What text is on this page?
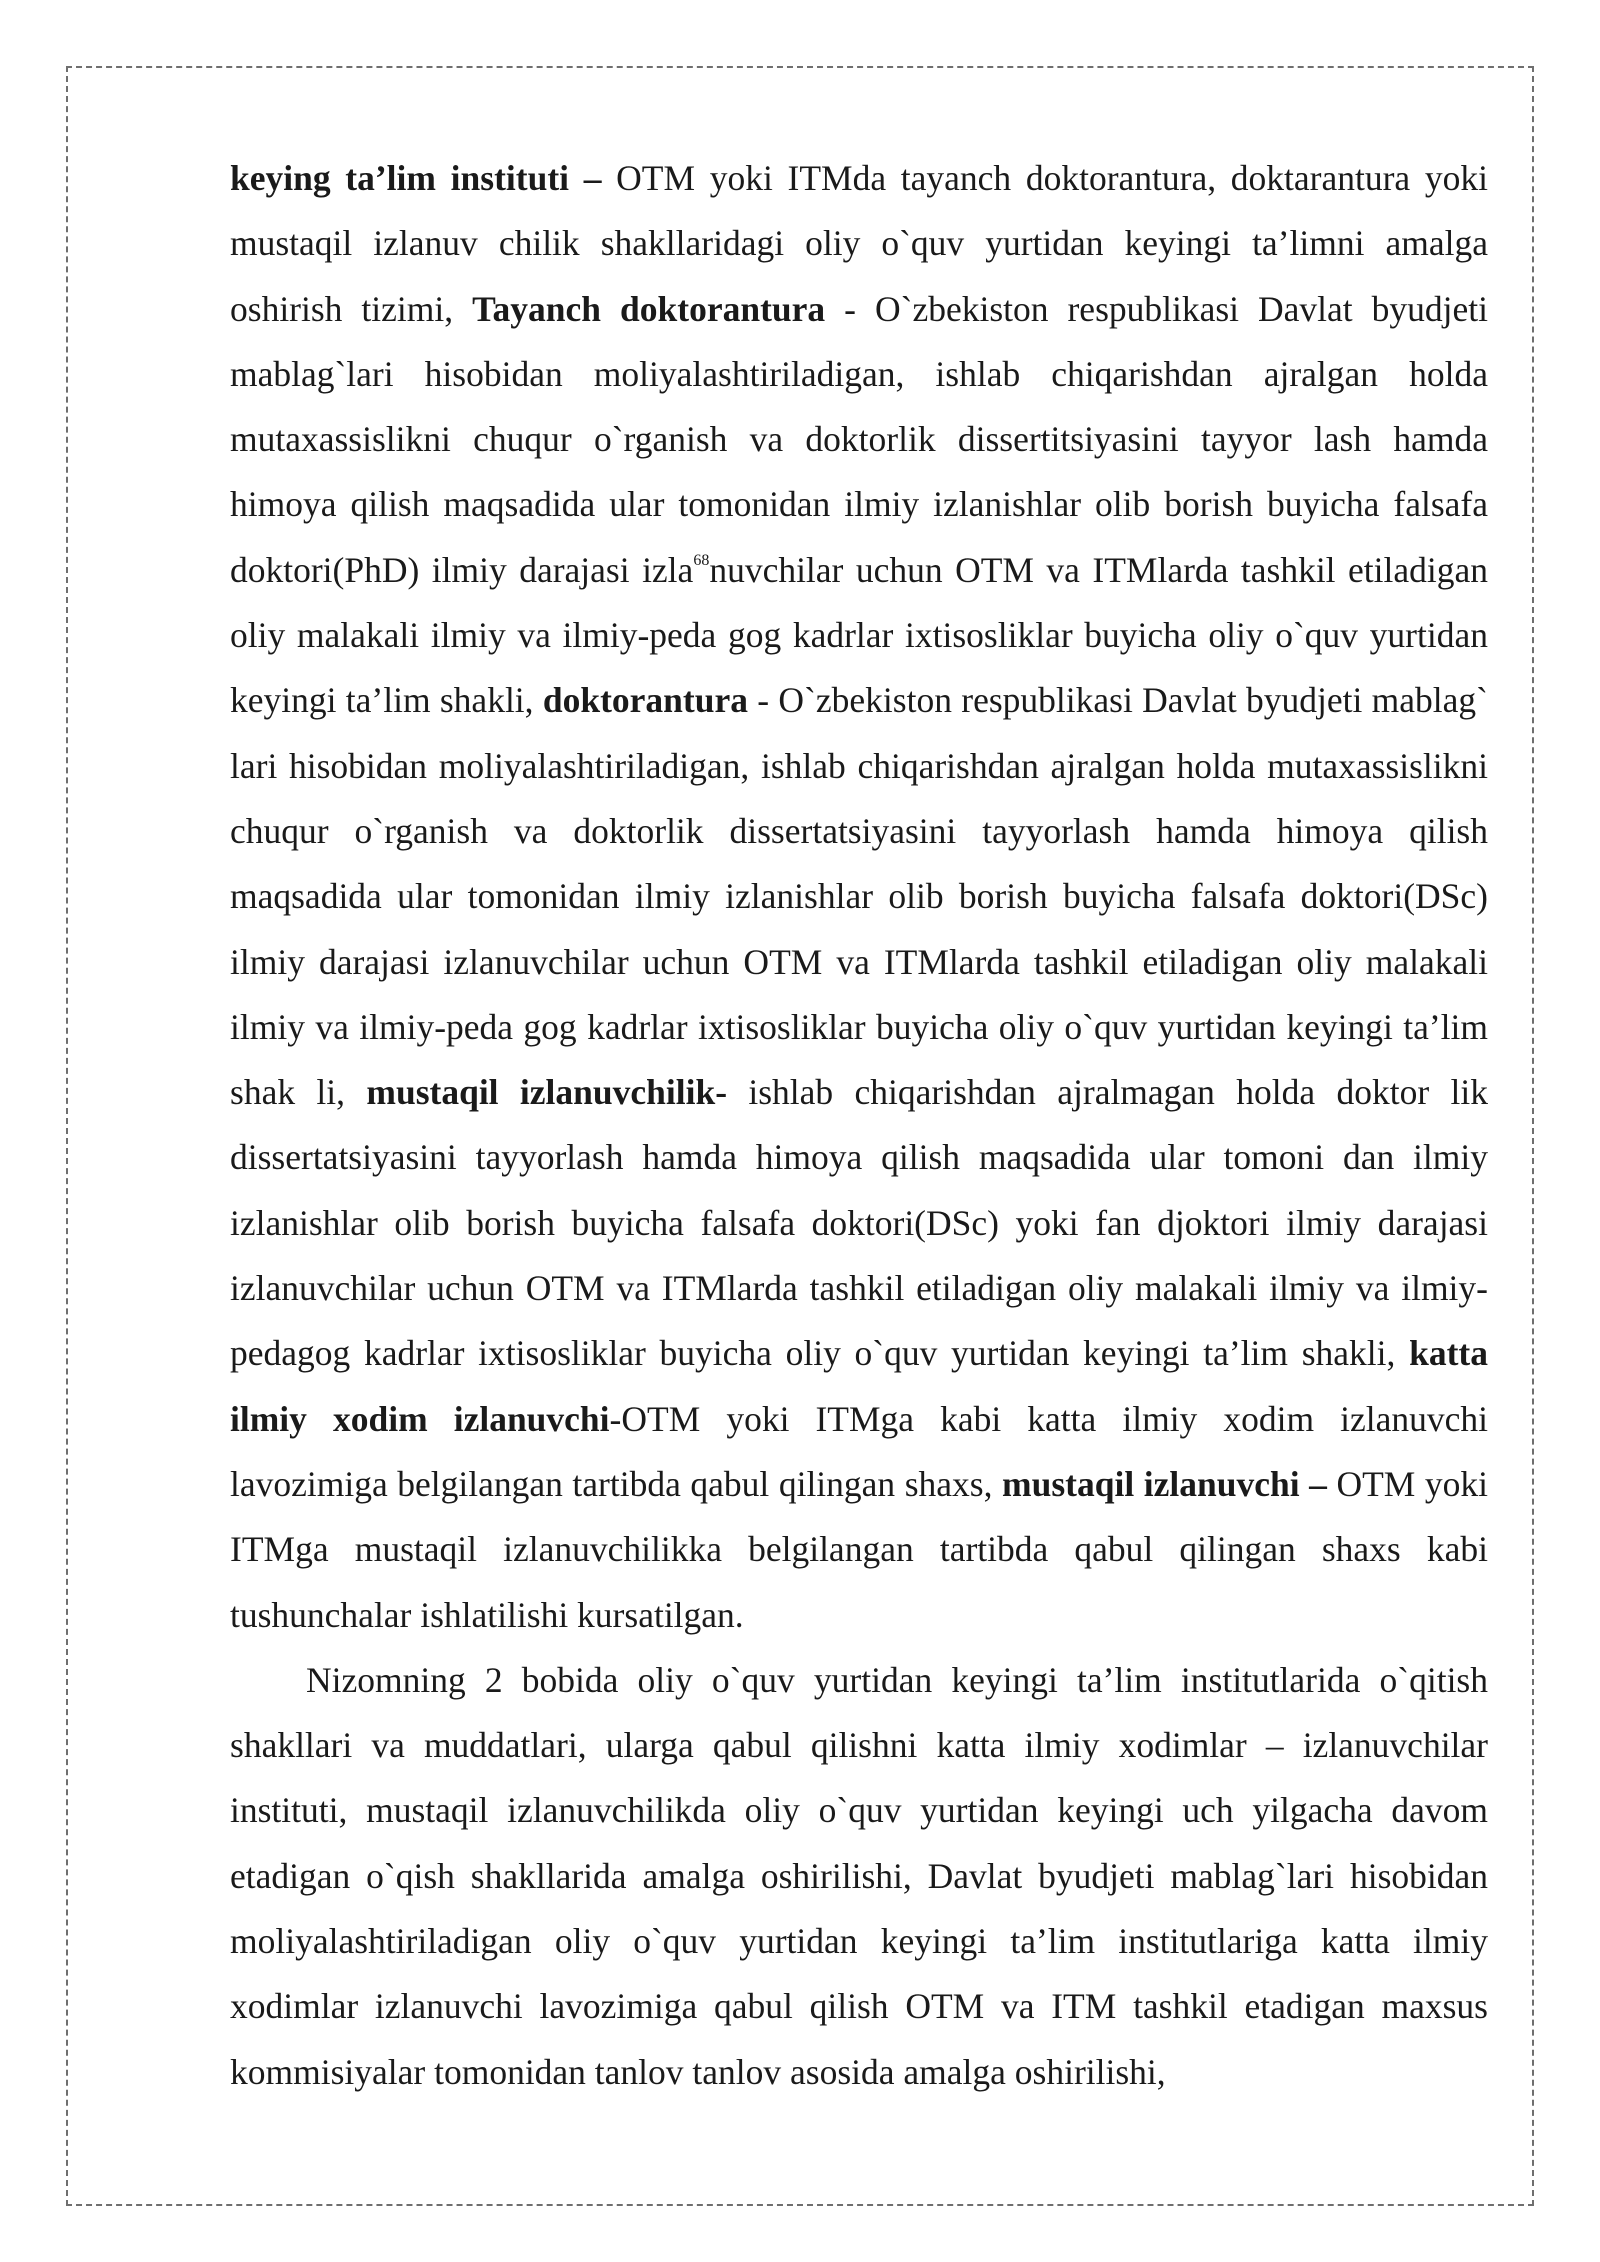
keying ta’lim instituti – OTM yoki ITMda tayanch doktorantura, doktarantura yoki mustaqil izlanuv chilik shakllaridagi oliy o`quv yurtidan keyingi ta’limni amalga oshirish tizimi, Tayanch doktorantura - O`zbekiston respublikasi Davlat byudjeti mablag`lari hisobidan moliyalashtiriladigan, ishlab chiqarishdan ajralgan holda mutaxassislikni chuqur o`rganish va doktorlik dissertitsiyasini tayyor lash hamda himoya qilish maqsadida ular tomonidan ilmiy izlanishlar olib borish buyicha falsafa doktori(PhD) ilmiy darajasi izla$^{68}$nuvchilar uchun OTM va ITMlarda tashkil etiladigan oliy malakali ilmiy va ilmiy-peda gog kadrlar ixtisosliklar buyicha oliy o`quv yurtidan keyingi ta’lim shakli, doktorantura - O`zbekiston respublikasi Davlat byudjeti mablag` lari hisobidan moliyalashtiriladigan, ishlab chiqarishdan ajralgan holda mutaxassislikni chuqur o`rganish va doktorlik dissertatsiyasini tayyorlash hamda himoya qilish maqsadida ular tomonidan ilmiy izlanishlar olib borish buyicha falsafa doktori(DSc) ilmiy darajasi izlanuvchilar uchun OTM va ITMlarda tashkil etiladigan oliy malakali ilmiy va ilmiy-peda gog kadrlar ixtisosliklar buyicha oliy o`quv yurtidan keyingi ta’lim shak li, mustaqil izlanuvchilik- ishlab chiqarishdan ajralmagan holda doktor lik dissertatsiyasini tayyorlash hamda himoya qilish maqsadida ular tomoni dan ilmiy izlanishlar olib borish buyicha falsafa doktori(DSc) yoki fan djoktori ilmiy darajasi izlanuvchilar uchun OTM va ITMlarda tashkil etiladigan oliy malakali ilmiy va ilmiy-pedagog kadrlar ixtisosliklar buyicha oliy o`quv yurtidan keyingi ta’lim shakli, katta ilmiy xodim izlanuvchi-OTM yoki ITMga kabi katta ilmiy xodim izlanuvchi lavozimiga belgilangan tartibda qabul qilingan shaxs, mustaqil izlanuvchi – OTM yoki ITMga mustaqil izlanuvchilikka belgilangan tartibda qabul qilingan shaxs kabi tushunchalar ishlatilishi kursatilgan.

Nizomning 2 bobida oliy o`quv yurtidan keyingi ta’lim institutlarida o`qitish shakllari va muddatlari, ularga qabul qilishni katta ilmiy xodimlar – izlanuvchilar instituti, mustaqil izlanuvchilikda oliy o`quv yurtidan keyingi uch yilgacha davom etadigan o`qish shakllarida amalga oshirilishi, Davlat byudjeti mablag`lari hisobidan moliyalashtiriladigan oliy o`quv yurtidan keyingi ta’lim institutlariga katta ilmiy xodimlar izlanuvchi lavozimiga qabul qilish OTM va ITM tashkil etadigan maxsus kommisiyalar tomonidan tanlov tanlov asosida amalga oshirilishi,
